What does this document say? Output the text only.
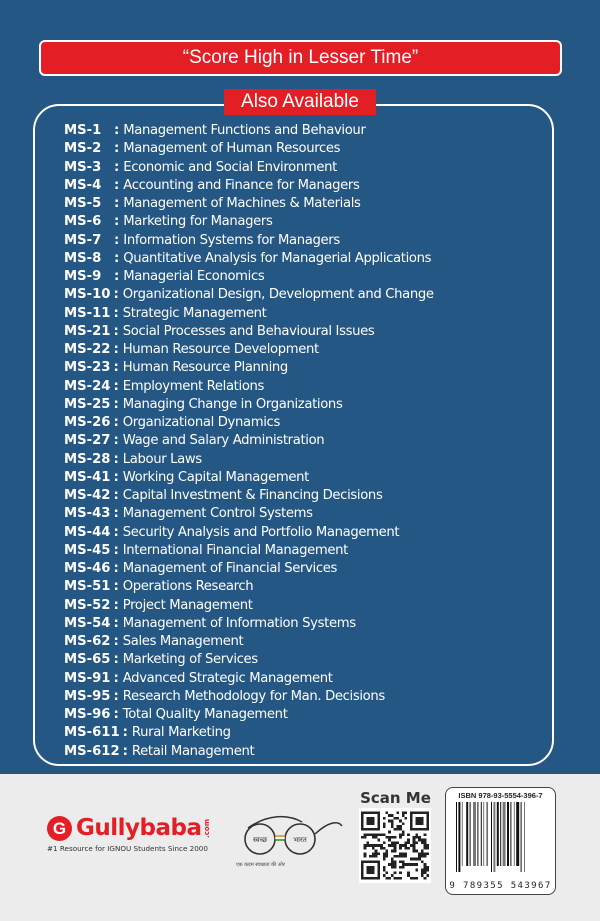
“Score High in Lesser Time”
Also Available
MS-1 : Management Functions and Behaviour
MS-2 : Management of Human Resources
MS-3 : Economic and Social Environment
MS-4 : Accounting and Finance for Managers
MS-5 : Management of Machines & Materials
MS-6 : Marketing for Managers
MS-7 : Information Systems for Managers
MS-8 : Quantitative Analysis for Managerial Applications
MS-9 : Managerial Economics
MS-10 : Organizational Design, Development and Change
MS-11 : Strategic Management
MS-21 : Social Processes and Behavioural Issues
MS-22 : Human Resource Development
MS-23 : Human Resource Planning
MS-24 : Employment Relations
MS-25 : Managing Change in Organizations
MS-26 : Organizational Dynamics
MS-27 : Wage and Salary Administration
MS-28 : Labour Laws
MS-41 : Working Capital Management
MS-42 : Capital Investment & Financing Decisions
MS-43 : Management Control Systems
MS-44 : Security Analysis and Portfolio Management
MS-45 : International Financial Management
MS-46 : Management of Financial Services
MS-51 : Operations Research
MS-52 : Project Management
MS-54 : Management of Information Systems
MS-62 : Sales Management
MS-65 : Marketing of Services
MS-91 : Advanced Strategic Management
MS-95 : Research Methodology for Man. Decisions
MS-96 : Total Quality Management
MS-611 : Rural Marketing
MS-612 : Retail Management
G Gullybaba .com
#1 Resource for IGNOU Students Since 2000
स्वच्छ	भारत
एक कदम स्वच्छता की ओर
Scan Me	ISBN 978-93-5554-396-7
9 789355 543967
